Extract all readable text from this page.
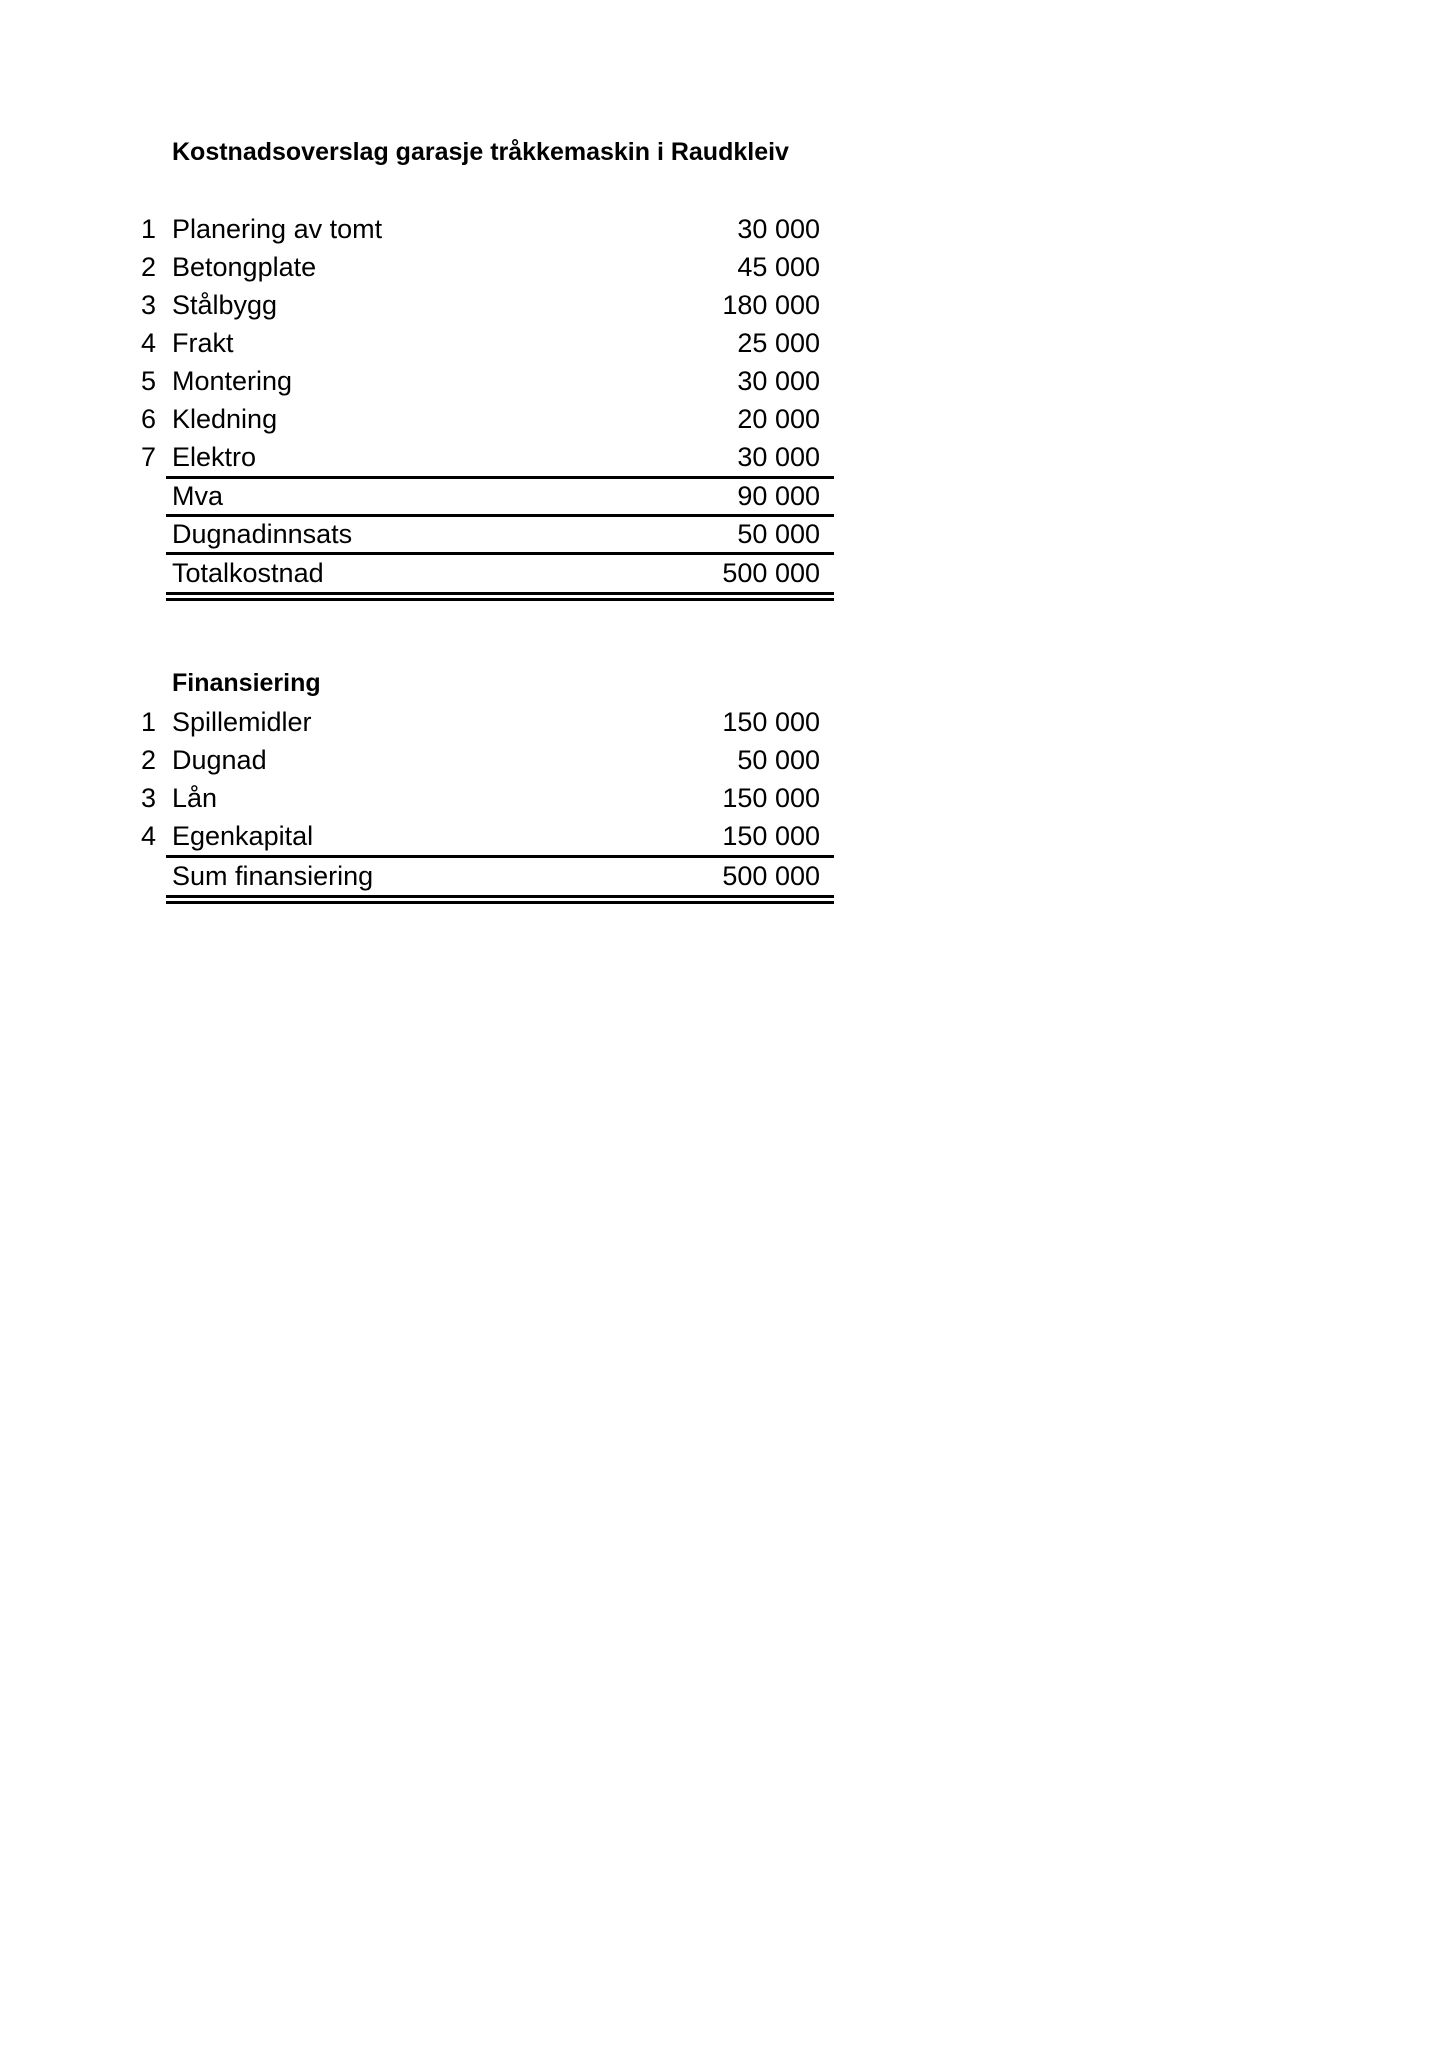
Kostnadsoverslag garasje tråkkemaskin i Raudkleiv
1 Planering av tomt	30 000
2 Betongplate	45 000
3 Stålbygg	180 000
4 Frakt	25 000
5 Montering	30 000
6 Kledning	20 000
7 Elektro	30 000
Mva	90 000
Dugnadinnsats	50 000
Totalkostnad	500 000
Finansiering
1 Spillemidler	150 000
2 Dugnad	50 000
3 Lån	150 000
4 Egenkapital	150 000
Sum finansiering	500 000
